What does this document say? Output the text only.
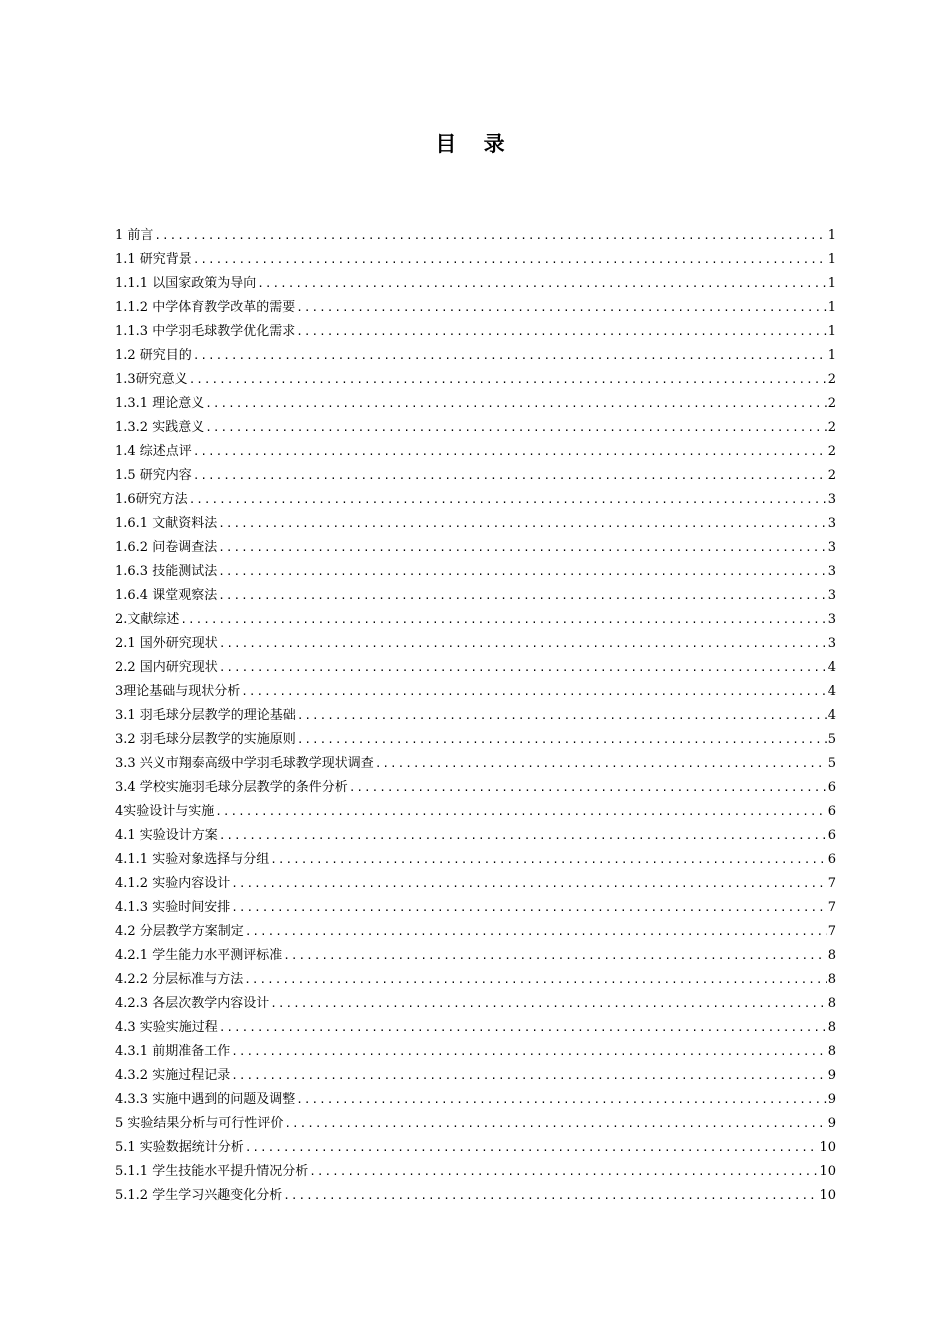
目 录
1 前言 .....	1
1.1 研究背景 .....	1
1.1.1 以国家政策为导向 .....	1
1.1.2 中学体育教学改革的需要 .....	1
1.1.3 中学羽毛球教学优化需求 .....	1
1.2 研究目的 .....	1
1.3研究意义 .....	2
1.3.1 理论意义 .....	2
1.3.2 实践意义 .....	2
1.4 综述点评 .....	2
1.5 研究内容 .....	2
1.6研究方法 .....	3
1.6.1 文献资料法 .....	3
1.6.2 问卷调查法 .....	3
1.6.3 技能测试法 .....	3
1.6.4 课堂观察法 .....	3
2.文献综述 .....	3
2.1 国外研究现状 .....	3
2.2 国内研究现状 .....	4
3理论基础与现状分析 .....	4
3.1 羽毛球分层教学的理论基础 .....	4
3.2 羽毛球分层教学的实施原则 .....	5
3.3 兴义市翔泰高级中学羽毛球教学现状调查 .....	5
3.4 学校实施羽毛球分层教学的条件分析 .....	6
4实验设计与实施 .....	6
4.1 实验设计方案 .....	6
4.1.1 实验对象选择与分组 .....	6
4.1.2 实验内容设计 .....	7
4.1.3 实验时间安排 .....	7
4.2 分层教学方案制定 .....	7
4.2.1 学生能力水平测评标准 .....	8
4.2.2 分层标准与方法 .....	8
4.2.3 各层次教学内容设计 .....	8
4.3 实验实施过程 .....	8
4.3.1 前期准备工作 .....	8
4.3.2 实施过程记录 .....	9
4.3.3 实施中遇到的问题及调整 .....	9
5 实验结果分析与可行性评价 .....	9
5.1 实验数据统计分析 .....	10
5.1.1 学生技能水平提升情况分析 .....	10
5.1.2 学生学习兴趣变化分析 .....	10
